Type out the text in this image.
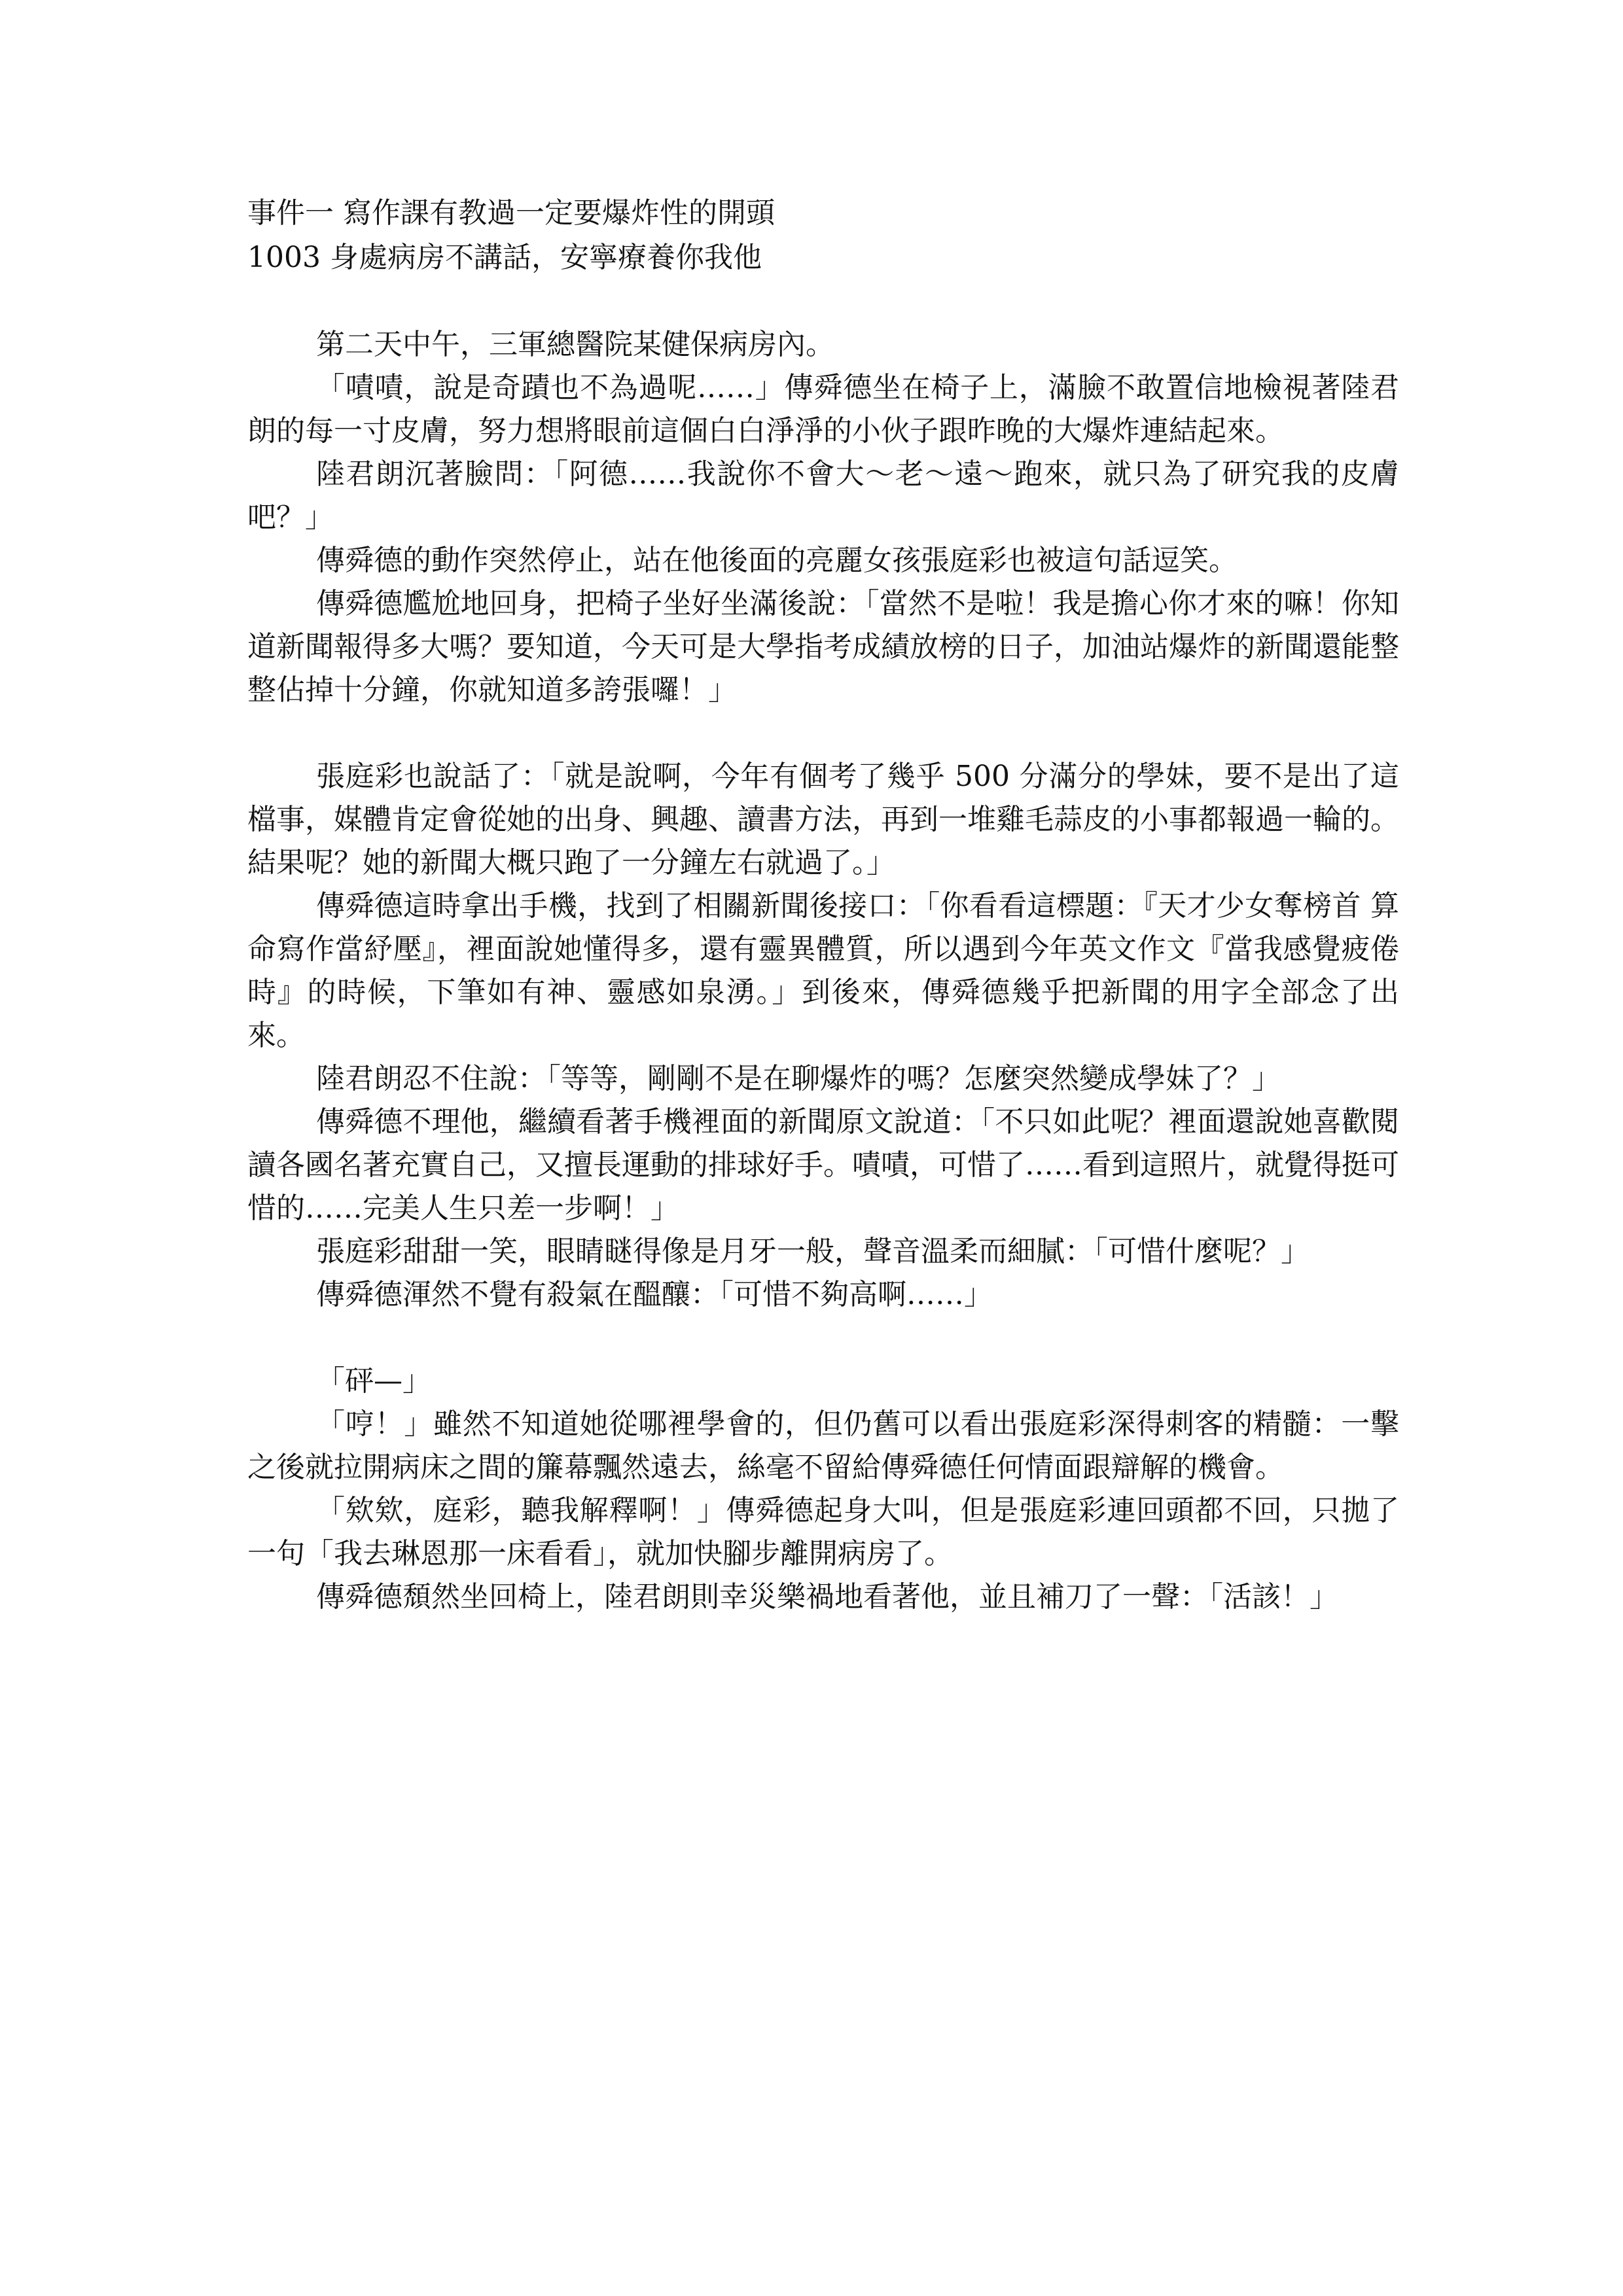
事件一 寫作課有教過一定要爆炸性的開頭

1003 身處病房不講話，安寧療養你我他

第二天中午，三軍總醫院某健保病房內。

「嘖嘖，說是奇蹟也不為過呢……」傳舜德坐在椅子上，滿臉不敢置信地檢視著陸君朗的每一寸皮膚，努力想將眼前這個白白淨淨的小伙子跟昨晚的大爆炸連結起來。

陸君朗沉著臉問：「阿德……我說你不會大～老～遠～跑來，就只為了研究我的皮膚吧？」

傳舜德的動作突然停止，站在他後面的亮麗女孩張庭彩也被這句話逗笑。

傳舜德尷尬地回身，把椅子坐好坐滿後說：「當然不是啦！我是擔心你才來的嘛！你知道新聞報得多大嗎？要知道，今天可是大學指考成績放榜的日子，加油站爆炸的新聞還能整整佔掉十分鐘，你就知道多誇張囉！」

張庭彩也說話了：「就是說啊，今年有個考了幾乎 500 分滿分的學妹，要不是出了這檔事，媒體肯定會從她的出身、興趣、讀書方法，再到一堆雞毛蒜皮的小事都報過一輪的。結果呢？她的新聞大概只跑了一分鐘左右就過了。」

傳舜德這時拿出手機，找到了相關新聞後接口：「你看看這標題：『天才少女奪榜首 算命寫作當紓壓』，裡面說她懂得多，還有靈異體質，所以遇到今年英文作文『當我感覺疲倦時』的時候，下筆如有神、靈感如泉湧。」到後來，傳舜德幾乎把新聞的用字全部念了出來。

陸君朗忍不住說：「等等，剛剛不是在聊爆炸的嗎？怎麼突然變成學妹了？」

傳舜德不理他，繼續看著手機裡面的新聞原文說道：「不只如此呢？裡面還說她喜歡閱讀各國名著充實自己，又擅長運動的排球好手。嘖嘖，可惜了……看到這照片，就覺得挺可惜的……完美人生只差一步啊！」

張庭彩甜甜一笑，眼睛瞇得像是月牙一般，聲音溫柔而細膩：「可惜什麼呢？」

傳舜德渾然不覺有殺氣在醞釀：「可惜不夠高啊……」

「砰—」

「哼！」雖然不知道她從哪裡學會的，但仍舊可以看出張庭彩深得刺客的精髓：一擊之後就拉開病床之間的簾幕飄然遠去，絲毫不留給傳舜德任何情面跟辯解的機會。

「欸欸，庭彩，聽我解釋啊！」傳舜德起身大叫，但是張庭彩連回頭都不回，只拋了一句「我去琳恩那一床看看」，就加快腳步離開病房了。

傳舜德頹然坐回椅上，陸君朗則幸災樂禍地看著他，並且補刀了一聲：「活該！」
